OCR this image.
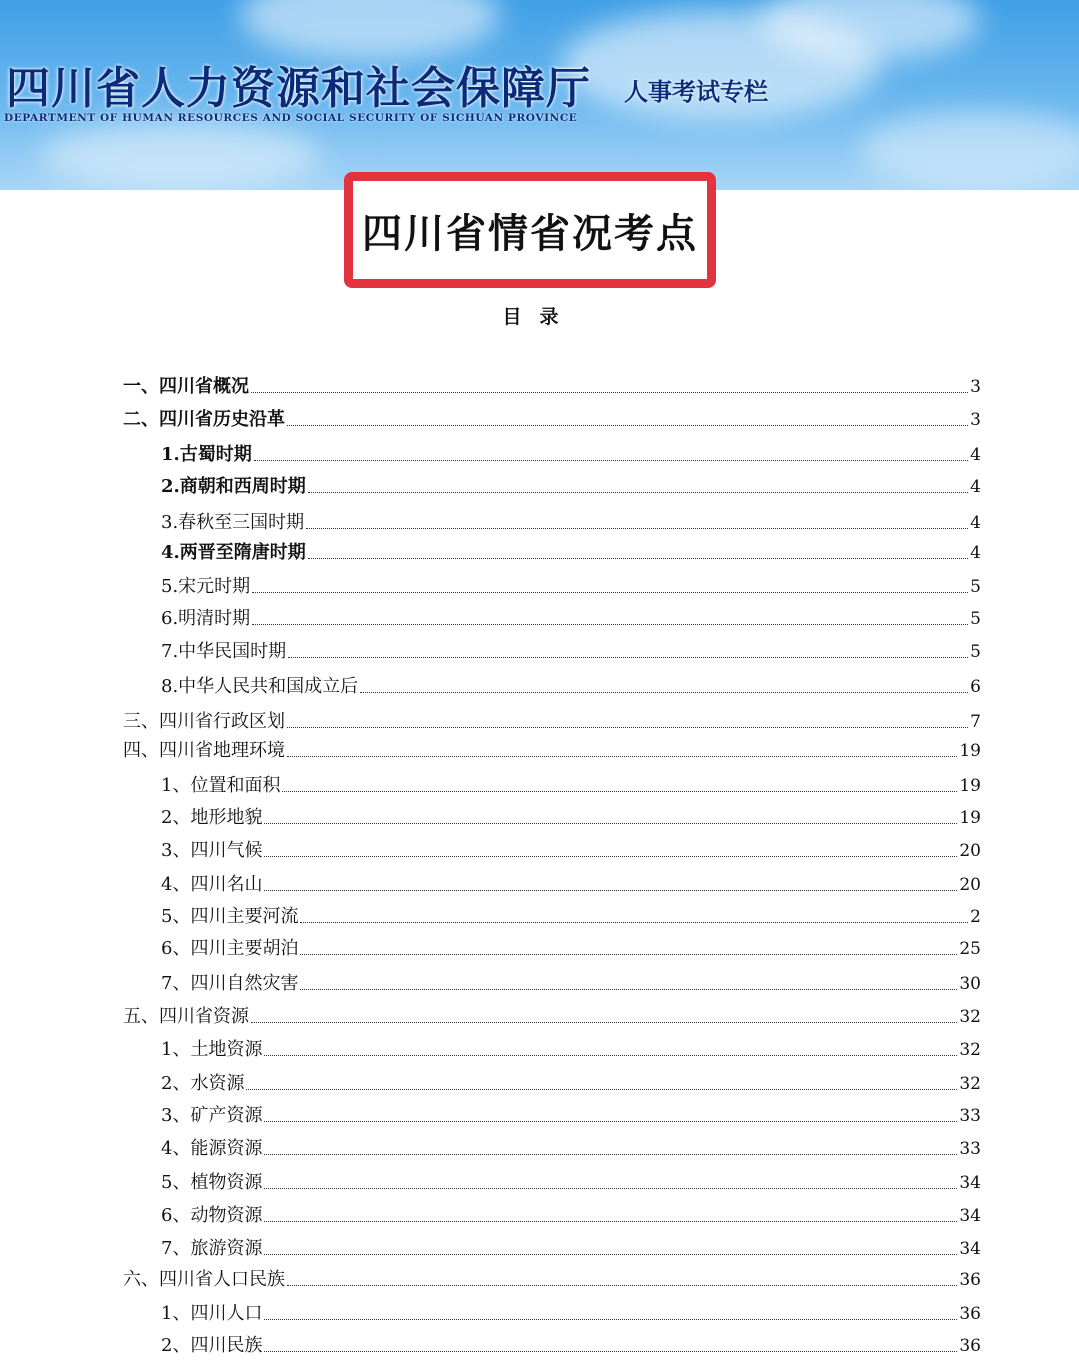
四川省人力资源和社会保障厅
DEPARTMENT OF HUMAN RESOURCES AND SOCIAL SECURITY OF SICHUAN PROVINCE
人事考试专栏
四川省情省况考点
目录
一、四川省概况	3
二、四川省历史沿革	3
1.古蜀时期	4
2.商朝和西周时期	4
3.春秋至三国时期	4
4.两晋至隋唐时期	4
5.宋元时期	5
6.明清时期	5
7.中华民国时期	5
8.中华人民共和国成立后	6
三、四川省行政区划	7
四、四川省地理环境	19
1、位置和面积	19
2、地形地貌	19
3、四川气候	20
4、四川名山	20
5、四川主要河流	2
6、四川主要胡泊	25
7、四川自然灾害	30
五、四川省资源	32
1、土地资源	32
2、水资源	32
3、矿产资源	33
4、能源资源	33
5、植物资源	34
6、动物资源	34
7、旅游资源	34
六、四川省人口民族	36
1、四川人口	36
2、四川民族	36
